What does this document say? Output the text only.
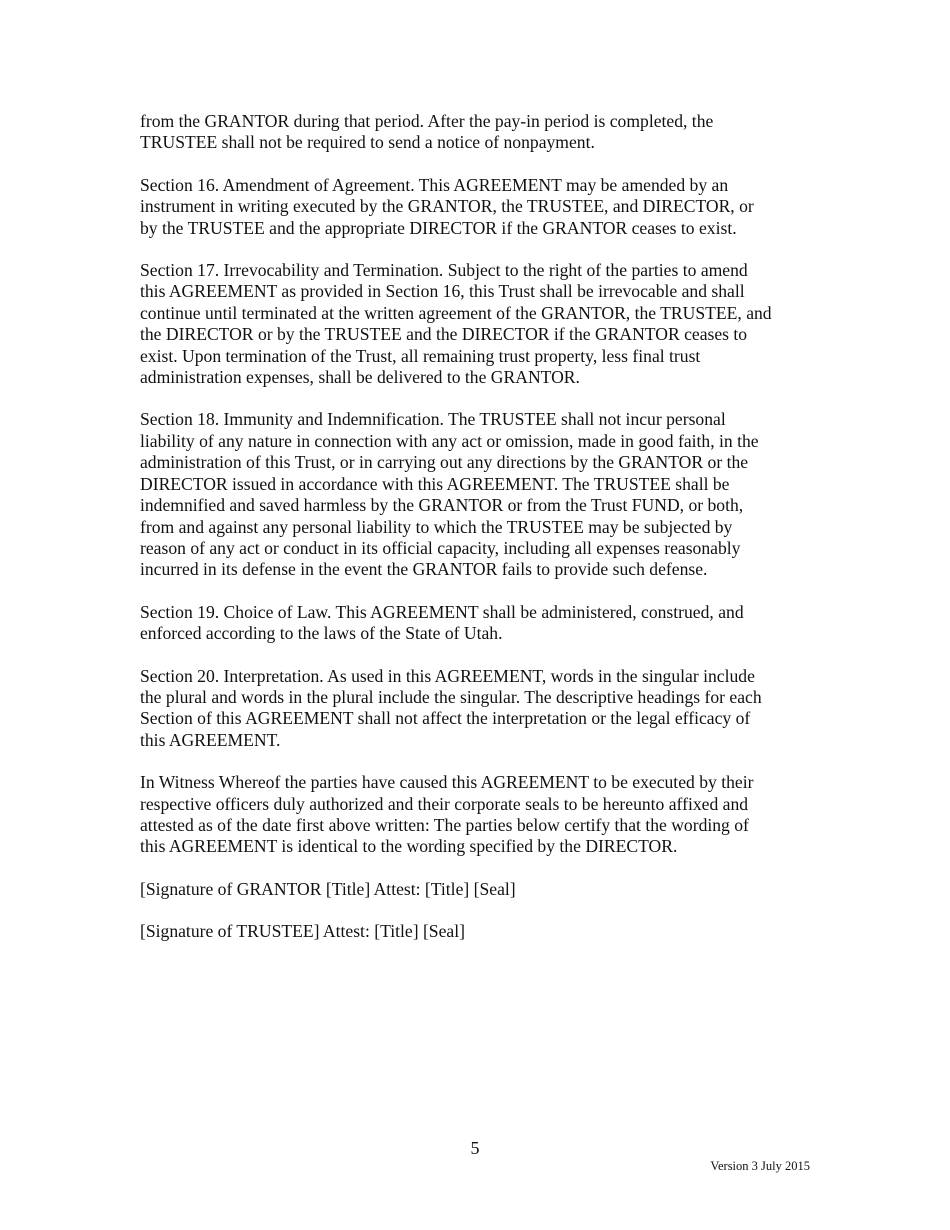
from the GRANTOR during that period. After the pay-in period is completed, the
TRUSTEE shall not be required to send a notice of nonpayment.

Section 16. Amendment of Agreement. This AGREEMENT may be amended by an
instrument in writing executed by the GRANTOR, the TRUSTEE, and DIRECTOR, or
by the TRUSTEE and the appropriate DIRECTOR if the GRANTOR ceases to exist.

Section 17. Irrevocability and Termination. Subject to the right of the parties to amend
this AGREEMENT as provided in Section 16, this Trust shall be irrevocable and shall
continue until terminated at the written agreement of the GRANTOR, the TRUSTEE, and
the DIRECTOR or by the TRUSTEE and the DIRECTOR if the GRANTOR ceases to
exist. Upon termination of the Trust, all remaining trust property, less final trust
administration expenses, shall be delivered to the GRANTOR.

Section 18. Immunity and Indemnification. The TRUSTEE shall not incur personal
liability of any nature in connection with any act or omission, made in good faith, in the
administration of this Trust, or in carrying out any directions by the GRANTOR or the
DIRECTOR issued in accordance with this AGREEMENT. The TRUSTEE shall be
indemnified and saved harmless by the GRANTOR or from the Trust FUND, or both,
from and against any personal liability to which the TRUSTEE may be subjected by
reason of any act or conduct in its official capacity, including all expenses reasonably
incurred in its defense in the event the GRANTOR fails to provide such defense.

Section 19. Choice of Law. This AGREEMENT shall be administered, construed, and
enforced according to the laws of the State of Utah.

Section 20. Interpretation. As used in this AGREEMENT, words in the singular include
the plural and words in the plural include the singular. The descriptive headings for each
Section of this AGREEMENT shall not affect the interpretation or the legal efficacy of
this AGREEMENT.

In Witness Whereof the parties have caused this AGREEMENT to be executed by their
respective officers duly authorized and their corporate seals to be hereunto affixed and
attested as of the date first above written: The parties below certify that the wording of
this AGREEMENT is identical to the wording specified by the DIRECTOR.

[Signature of GRANTOR [Title] Attest: [Title] [Seal]

[Signature of TRUSTEE] Attest: [Title] [Seal]

5
Version 3 July 2015
